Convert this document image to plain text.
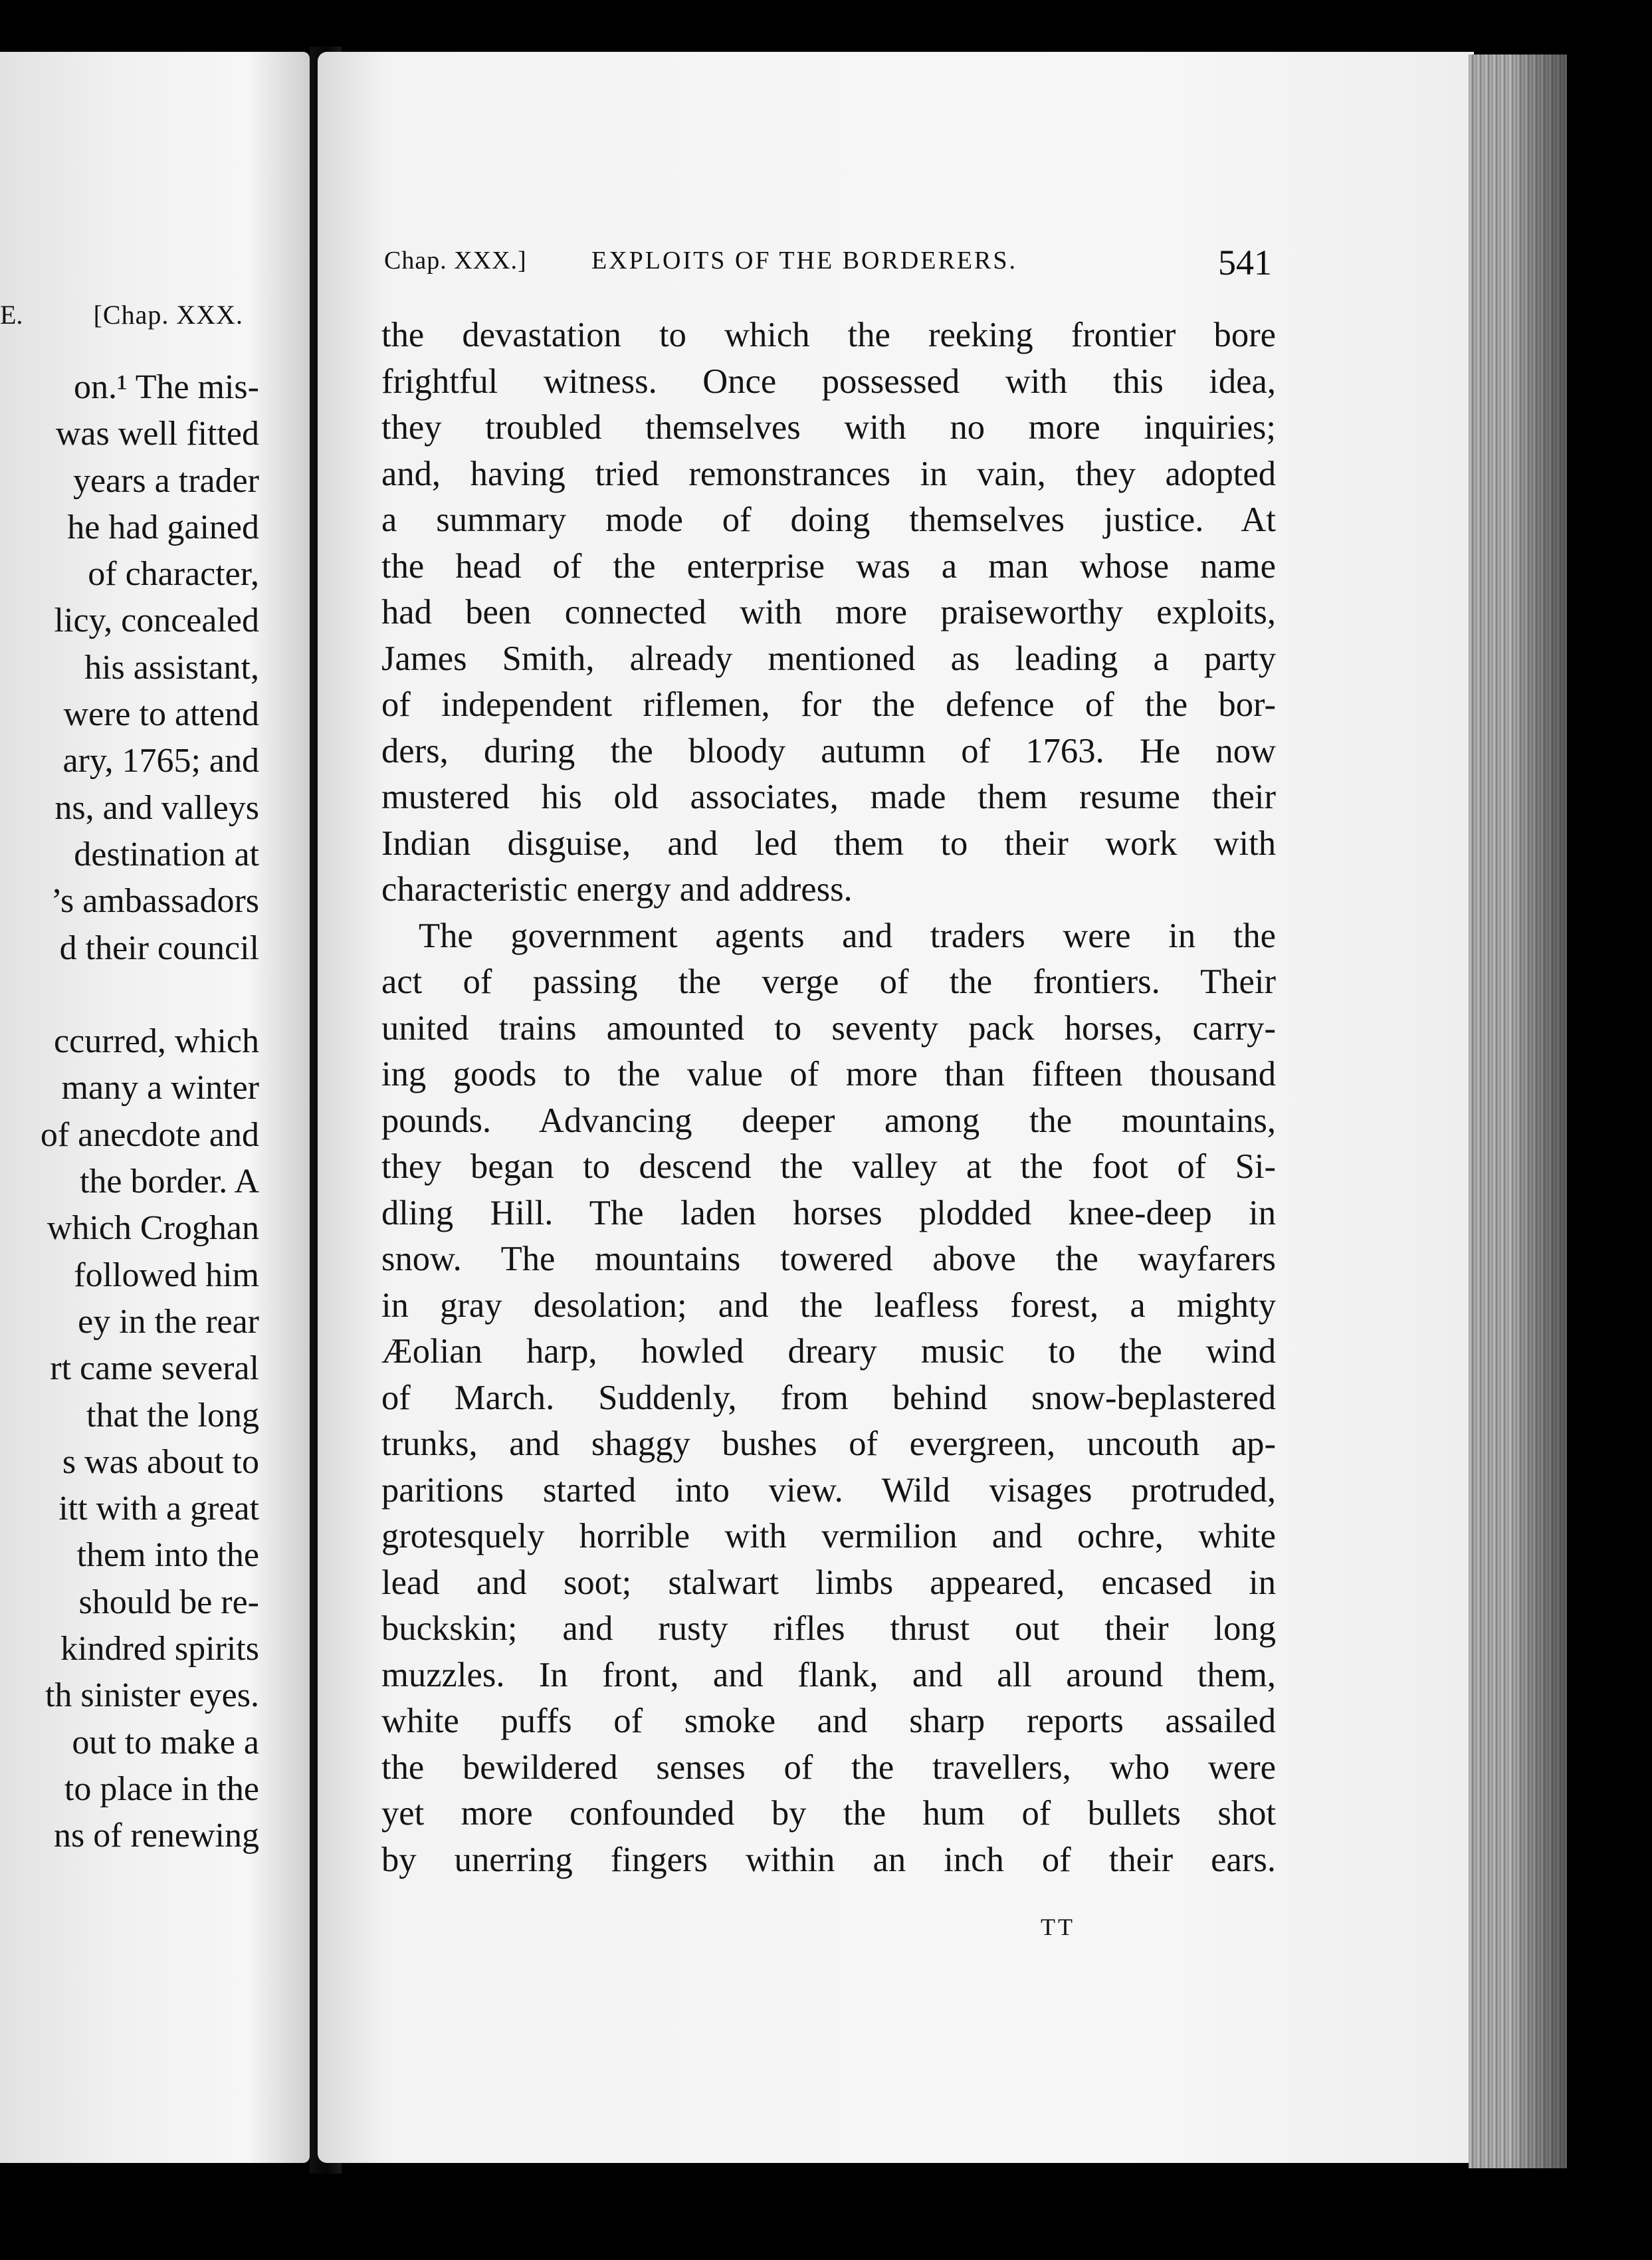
E.	[Chap. XXX.
on.¹ The mis-
was well fitted
years a trader
he had gained
of character,
licy, concealed
his assistant,
were to attend
ary, 1765; and
ns, and valleys
destination at
’s ambassadors
d their council

ccurred, which
many a winter
of anecdote and
the border. A
which Croghan
followed him
ey in the rear
rt came several
that the long
s was about to
itt with a great
them into the
should be re-
kindred spirits
th sinister eyes.
out to make a
to place in the
ns of renewing
Chap. XXX.]	EXPLOITS OF THE BORDERERS.	541
the devastation to which the reeking frontier bore
frightful witness. Once possessed with this idea,
they troubled themselves with no more inquiries;
and, having tried remonstrances in vain, they adopted
a summary mode of doing themselves justice. At
the head of the enterprise was a man whose name
had been connected with more praiseworthy exploits,
James Smith, already mentioned as leading a party
of independent riflemen, for the defence of the bor-
ders, during the bloody autumn of 1763. He now
mustered his old associates, made them resume their
Indian disguise, and led them to their work with
characteristic energy and address.
The government agents and traders were in the
act of passing the verge of the frontiers. Their
united trains amounted to seventy pack horses, carry-
ing goods to the value of more than fifteen thousand
pounds. Advancing deeper among the mountains,
they began to descend the valley at the foot of Si-
dling Hill. The laden horses plodded knee-deep in
snow. The mountains towered above the wayfarers
in gray desolation; and the leafless forest, a mighty
Æolian harp, howled dreary music to the wind
of March. Suddenly, from behind snow-beplastered
trunks, and shaggy bushes of evergreen, uncouth ap-
paritions started into view. Wild visages protruded,
grotesquely horrible with vermilion and ochre, white
lead and soot; stalwart limbs appeared, encased in
buckskin; and rusty rifles thrust out their long
muzzles. In front, and flank, and all around them,
white puffs of smoke and sharp reports assailed
the bewildered senses of the travellers, who were
yet more confounded by the hum of bullets shot
by unerring fingers within an inch of their ears.
TT
